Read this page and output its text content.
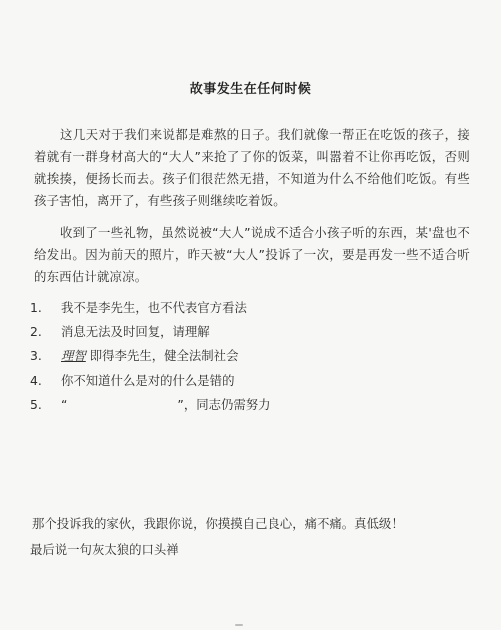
故事发生在任何时候
这几天对于我们来说都是难熬的日子。我们就像一帮正在吃饭的孩子，接着就有一群身材高大的“大人”来抢了了你的饭菜，叫嚣着不让你再吃饭，否则就挨揍，便扬长而去。孩子们很茫然无措，不知道为什么不给他们吃饭。有些孩子害怕，离开了，有些孩子则继续吃着饭。
收到了一些礼物，虽然说被“大人”说成不适合小孩子听的东西，某'盘也不给发出。因为前天的照片，昨天被“大人”投诉了一次，要是再发一些不适合听的东西估计就凉凉。
1.	我不是李先生，也不代表官方看法
2.	消息无法及时回复，请理解
3.	理智 即得李先生，健全法制社会
4.	你不知道什么是对的什么是错的
5.	“	”，同志仍需努力
那个投诉我的家伙，我跟你说，你摸摸自己良心，痛不痛。真低级！
最后说一句灰太狼的口头禅
